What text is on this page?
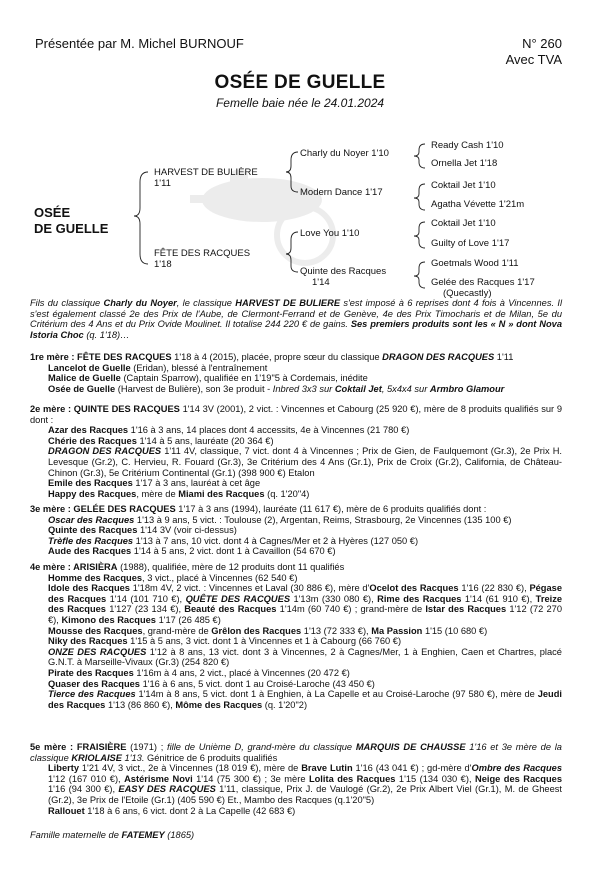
Présentée par M. Michel BURNOUF	N° 260
Avec TVA
OSÉE DE GUELLE
Femelle baie née le 24.01.2024
OSÉE
DE GUELLE
HARVEST DE BULIÈRE
1'11
FÊTE DES RACQUES
1'18
Charly du Noyer 1'10
Modern Dance 1'17
Love You 1'10
Quinte des Racques
1'14
Ready Cash 1'10
Ornella Jet 1'18
Coktail Jet 1'10
Agatha Vévette 1'21m
Coktail Jet 1'10
Guilty of Love 1'17
Goetmals Wood 1'11
Gelée des Racques 1'17
(Quecastly)
Fils du classique Charly du Noyer, le classique HARVEST DE BULIERE s'est imposé à 6 reprises dont 4 fois à Vincennes. Il s'est également classé 2e des Prix de l'Aube, de Clermont-Ferrand et de Genève, 4e des Prix Timocharis et de Milan, 5e du Critérium des 4 Ans et du Prix Ovide Moulinet. Il totalise 244 220 € de gains. Ses premiers produits sont les « N » dont Nova Istoria Choc (q. 1'18)…

1re mère : FÊTE DES RACQUES 1'18 à 4 (2015), placée, propre sœur du classique DRAGON DES RACQUES 1'11

Lancelot de Guelle (Eridan), blessé à l'entraînement

Malice de Guelle (Captain Sparrow), qualifiée en 1'19"5 à Cordemais, inédite

Osée de Guelle (Harvest de Bulière), son 3e produit - Inbred 3x3 sur Coktail Jet, 5x4x4 sur Armbro Glamour

2e mère : QUINTE DES RACQUES 1'14 3V (2001), 2 vict. : Vincennes et Cabourg (25 920 €), mère de 8 produits qualifiés sur 9 dont :

Azar des Racques 1'16 à 3 ans, 14 places dont 4 accessits, 4e à Vincennes (21 780 €)

Chérie des Racques 1'14 à 5 ans, lauréate (20 364 €)

DRAGON DES RACQUES 1'11 4V, classique, 7 vict. dont 4 à Vincennes ; Prix de Gien, de Faulquemont (Gr.3), 2e Prix H. Levesque (Gr.2), C. Hervieu, R. Fouard (Gr.3), 3e Critérium des 4 Ans (Gr.1), Prix de Croix (Gr.2), California, de Château-Chinon (Gr.3), 5e Critérium Continental (Gr.1) (398 900 €) Etalon

Emile des Racques 1'17 à 3 ans, lauréat à cet âge

Happy des Racques, mère de Miami des Racques (q. 1'20"4)

3e mère : GELÉE DES RACQUES 1'17 à 3 ans (1994), lauréate (11 617 €), mère de 6 produits qualifiés dont :

Oscar des Racques 1'13 à 9 ans, 5 vict. : Toulouse (2), Argentan, Reims, Strasbourg, 2e Vincennes (135 100 €)

Quinte des Racques 1'14 3V (voir ci-dessus)

Trèfle des Racques 1'13 à 7 ans, 10 vict. dont 4 à Cagnes/Mer et 2 à Hyères (127 050 €)

Aude des Racques 1'14 à 5 ans, 2 vict. dont 1 à Cavaillon (54 670 €)

4e mère : ARISIÈRA (1988), qualifiée, mère de 12 produits dont 11 qualifiés

Homme des Racques, 3 vict., placé à Vincennes (62 540 €)

Idole des Racques 1'18m 4V, 2 vict. : Vincennes et Laval (30 886 €), mère d'Ocelot des Racques 1'16 (22 830 €), Pégase des Racques 1'14 (101 710 €), QUÊTE DES RACQUES 1'13m (330 080 €), Rime des Racques 1'14 (61 910 €), Treize des Racques 1'127 (23 134 €), Beauté des Racques 1'14m (60 740 €) ; grand-mère de Istar des Racques 1'12 (72 270 €), Kimono des Racques 1'17 (26 485 €)

Mousse des Racques, grand-mère de Grêlon des Racques 1'13 (72 333 €), Ma Passion 1'15 (10 680 €)

Niky des Racques 1'15 à 5 ans, 3 vict. dont 1 à Vincennes et 1 à Cabourg (66 760 €)

ONZE DES RACQUES 1'12 à 8 ans, 13 vict. dont 3 à Vincennes, 2 à Cagnes/Mer, 1 à Enghien, Caen et Chartres, placé G.N.T. à Marseille-Vivaux (Gr.3) (254 820 €)

Pirate des Racques 1'16m à 4 ans, 2 vict., placé à Vincennes (20 472 €)

Quaser des Racques 1'16 à 6 ans, 5 vict. dont 1 au Croisé-Laroche (43 450 €)

Tierce des Racques 1'14m à 8 ans, 5 vict. dont 1 à Enghien, à La Capelle et au Croisé-Laroche (97 580 €), mère de Jeudi des Racques 1'13 (86 860 €), Môme des Racques (q. 1'20"2)

5e mère : FRAISIÈRE (1971) ; fille de Unième D, grand-mère du classique MARQUIS DE CHAUSSE 1'16 et 3e mère de la classique KRIOLAISE 1'13. Génitrice de 6 produits qualifiés

Liberty 1'21 4V, 3 vict., 2e à Vincennes (18 019 €), mère de Brave Lutin 1'16 (43 041 €) ; gd-mère d'Ombre des Racques 1'12 (167 010 €), Astérisme Novi 1'14 (75 300 €) ; 3e mère Lolita des Racques 1'15 (134 030 €), Neige des Racques 1'16 (94 300 €), EASY DES RACQUES 1'11, classique, Prix J. de Vaulogé (Gr.2), 2e Prix Albert Viel (Gr.1), M. de Gheest (Gr.2), 3e Prix de l'Etoile (Gr.1) (405 590 €) Et., Mambo des Racques (q.1'20"5)

Rallouet 1'18 à 6 ans, 6 vict. dont 2 à La Capelle (42 683 €)

Famille maternelle de FATEMEY (1865)
